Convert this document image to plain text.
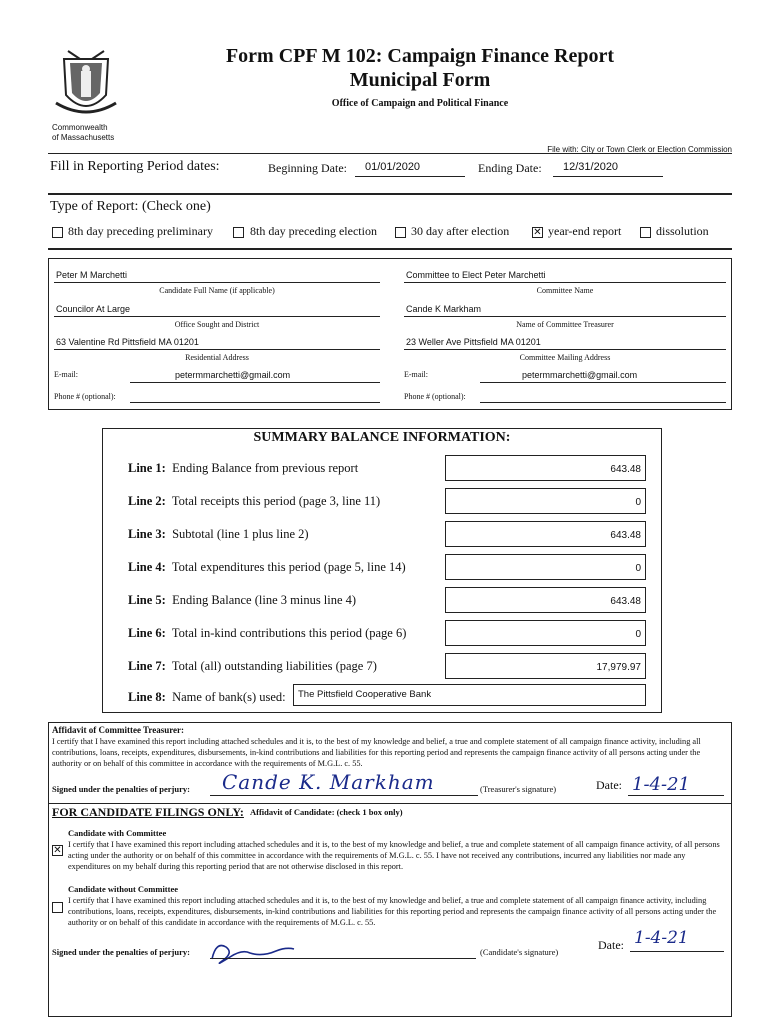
Commonwealth
of Massachusetts
Form CPF M 102: Campaign Finance Report
Municipal Form
Office of Campaign and Political Finance
File with: City or Town Clerk or Election Commission
Fill in Reporting Period dates:	Beginning Date: 01/01/2020	Ending Date: 12/31/2020
Type of Report: (Check one)
8th day preceding preliminary	8th day preceding election	30 day after election ✕ year-end report	dissolution
Peter M Marchetti
Candidate Full Name (if applicable)
Councilor At Large
Office Sought and District
63 Valentine Rd Pittsfield MA 01201
Residential Address
E-mail:	petermmarchetti@gmail.com
Phone # (optional):
Committee to Elect Peter Marchetti
Committee Name
Cande K Markham
Name of Committee Treasurer
23 Weller Ave Pittsfield MA 01201
Committee Mailing Address
E-mail:	petermmarchetti@gmail.com
Phone # (optional):
SUMMARY BALANCE INFORMATION:
Line 1: Ending Balance from previous report	643.48
Line 2: Total receipts this period (page 3, line 11)	0
Line 3: Subtotal (line 1 plus line 2)	643.48
Line 4: Total expenditures this period (page 5, line 14)	0
Line 5: Ending Balance (line 3 minus line 4)	643.48
Line 6: Total in-kind contributions this period (page 6)	0
Line 7: Total (all) outstanding liabilities (page 7)	17,979.97
Line 8: Name of bank(s) used:	The Pittsfield Cooperative Bank
Affidavit of Committee Treasurer:
I certify that I have examined this report including attached schedules and it is, to the best of my knowledge and belief, a true and complete statement of all campaign finance activity, including all contributions, loans, receipts, expenditures, disbursements, in-kind contributions and liabilities for this reporting period and represents the campaign finance activity of all persons acting under the authority or on behalf of this committee in accordance with the requirements of M.G.L. c. 55.
Signed under the penalties of perjury: Cande K. Markham	(Treasurer's signature)	Date: 1-4-21
FOR CANDIDATE FILINGS ONLY: Affidavit of Candidate: (check 1 box only)
Candidate with Committee
✕
I certify that I have examined this report including attached schedules and it is, to the best of my knowledge and belief, a true and complete statement of all campaign finance activity, of all persons acting under the authority or on behalf of this committee in accordance with the requirements of M.G.L. c. 55. I have not received any contributions, incurred any liabilities nor made any expenditures on my behalf during this reporting period that are not otherwise disclosed in this report.
Candidate without Committee
I certify that I have examined this report including attached schedules and it is, to the best of my knowledge and belief, a true and complete statement of all campaign finance activity, including contributions, loans, receipts, expenditures, disbursements, in-kind contributions and liabilities for this reporting period and represents the campaign finance activity of all persons acting under the authority or on behalf of this candidate in accordance with the requirements of M.G.L. c. 55.
Signed under the penalties of perjury:	(Candidate's signature)	Date: 1-4-21
